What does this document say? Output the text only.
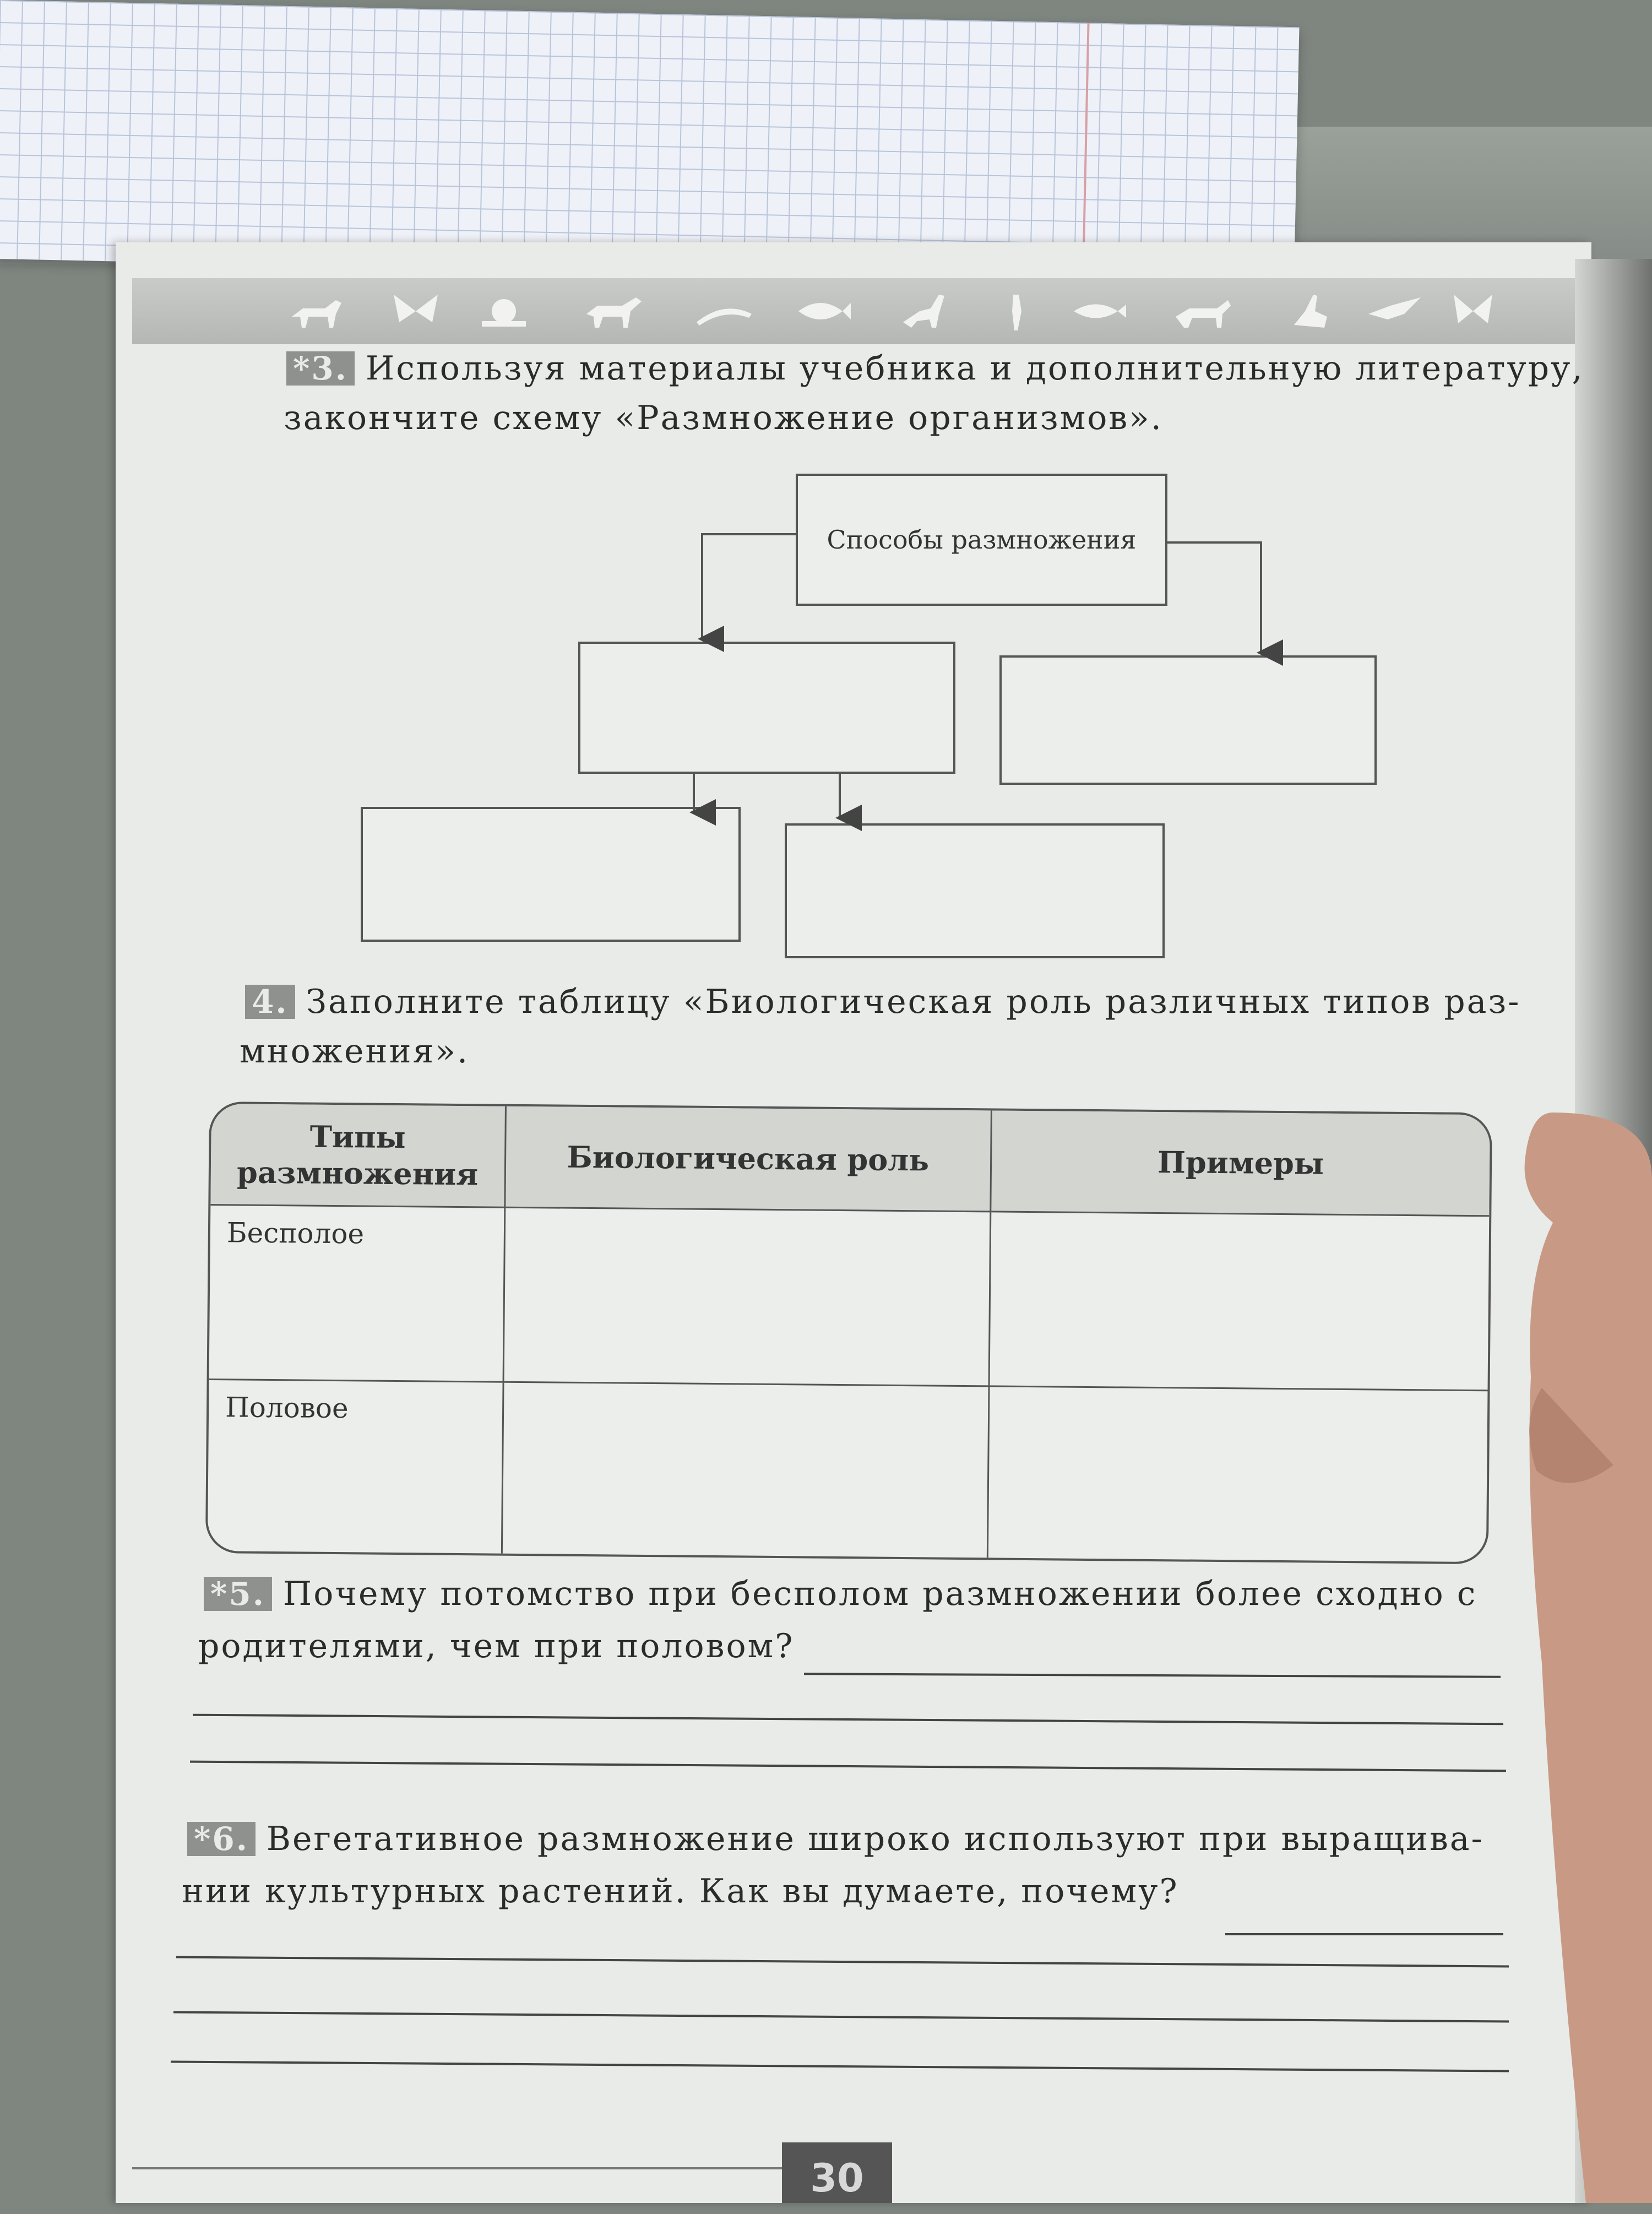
*3. Используя материалы учебника и дополнительную литературу,
закончите схему «Размножение организмов».
Способы размножения
4. Заполните таблицу «Биологическая роль различных типов раз-
множения».
Типы размножения	Биологическая роль	Примеры
Бесполое		
Половое		
*5. Почему потомство при бесполом размножении более сходно с
родителями, чем при половом?
*6. Вегетативное размножение широко используют при выращива-
нии культурных растений. Как вы думаете, почему?
30
